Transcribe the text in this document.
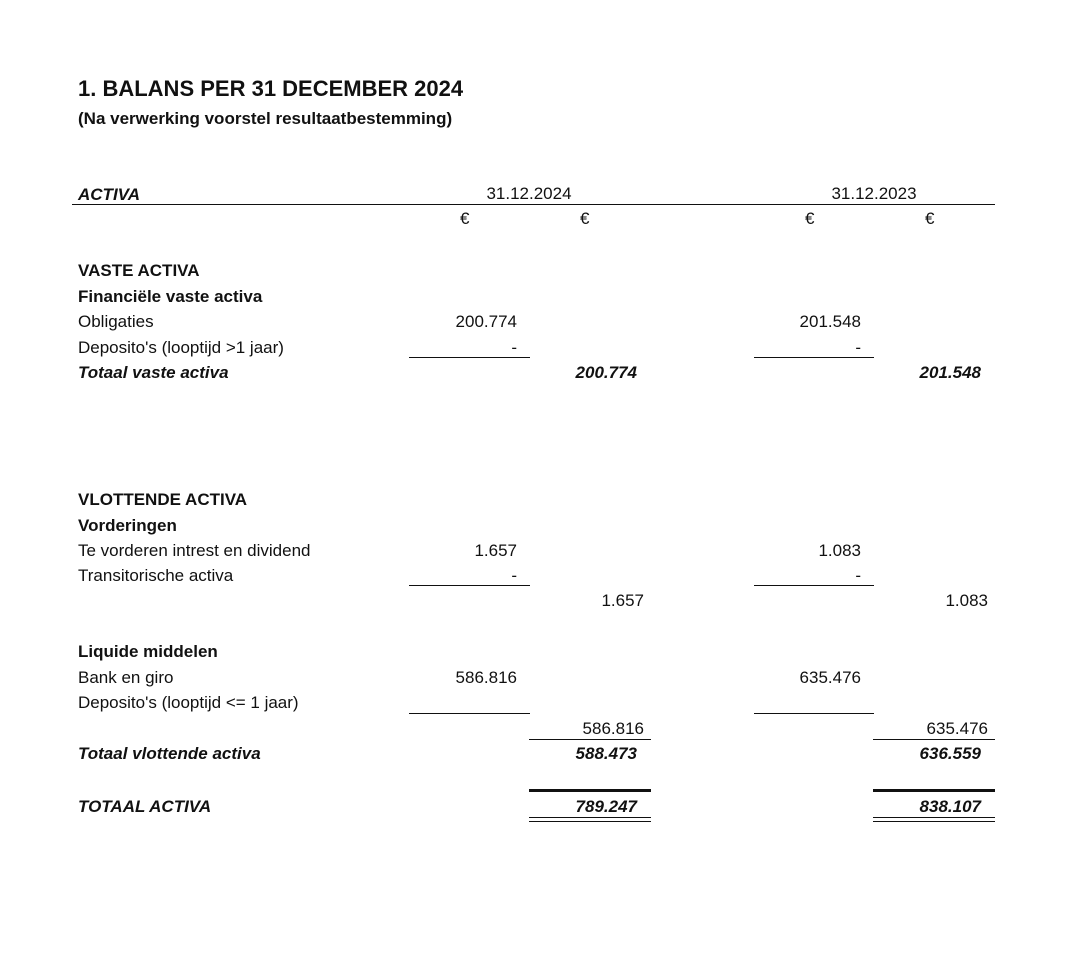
1. BALANS PER 31 DECEMBER 2024
(Na verwerking voorstel resultaatbestemming)
ACTIVA	31.12.2024	31.12.2023
€	€	€	€
VASTE ACTIVA
Financiële vaste activa
Obligaties	200.774	201.548
Deposito's (looptijd >1 jaar)	-	-
Totaal vaste activa	200.774	201.548
VLOTTENDE ACTIVA
Vorderingen
Te vorderen intrest en dividend	1.657	1.083
Transitorische activa	-	-
1.657	1.083
Liquide middelen
Bank en giro	586.816	635.476
Deposito's (looptijd <= 1 jaar)
586.816	635.476
Totaal vlottende activa	588.473	636.559
TOTAAL ACTIVA	789.247	838.107
